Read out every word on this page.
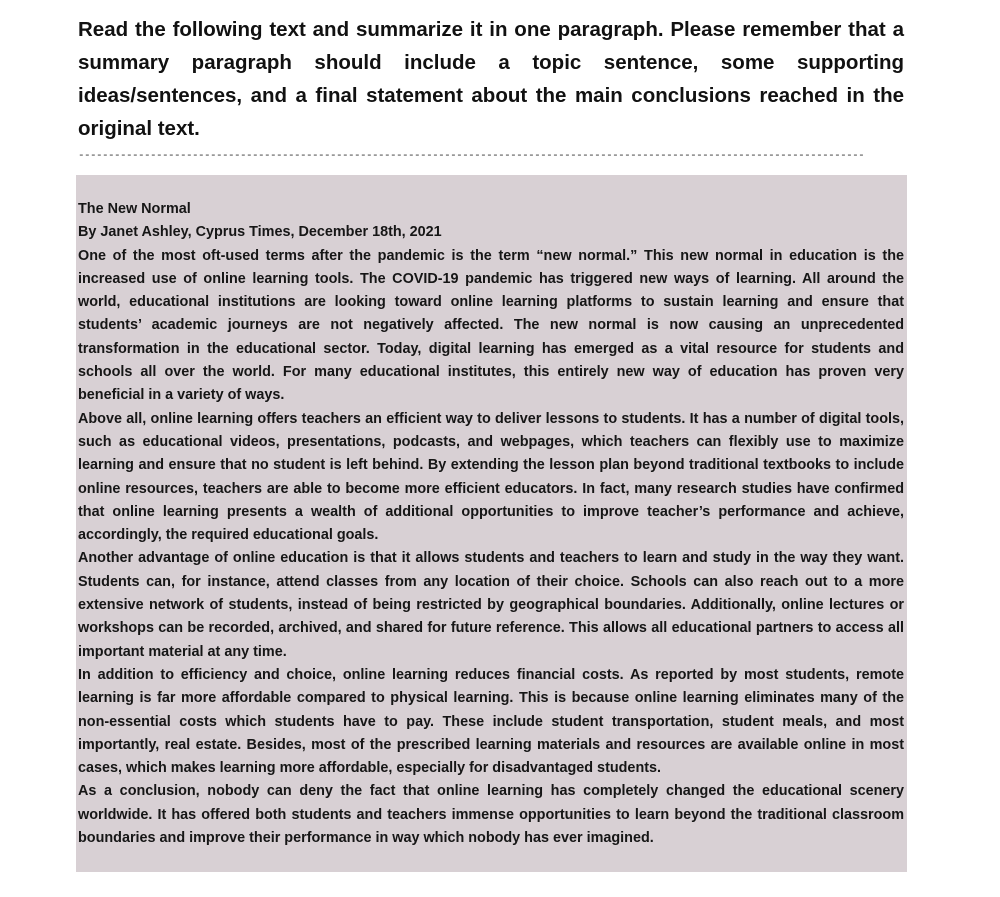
Read the following text and summarize it in one paragraph. Please remember that a summary paragraph should include a topic sentence, some supporting ideas/sentences, and a final statement about the main conclusions reached in the original text.

-----------------------------------------------------------------------------------------------------------------------------------

The New Normal

By Janet Ashley, Cyprus Times, December 18th, 2021

One of the most oft-used terms after the pandemic is the term “new normal.” This new normal in education is the increased use of online learning tools. The COVID-19 pandemic has triggered new ways of learning. All around the world, educational institutions are looking toward online learning platforms to sustain learning and ensure that students’ academic journeys are not negatively affected. The new normal is now causing an unprecedented transformation in the educational sector. Today, digital learning has emerged as a vital resource for students and schools all over the world. For many educational institutes, this entirely new way of education has proven very beneficial in a variety of ways.

Above all, online learning offers teachers an efficient way to deliver lessons to students. It has a number of digital tools, such as educational videos, presentations, podcasts, and webpages, which teachers can flexibly use to maximize learning and ensure that no student is left behind. By extending the lesson plan beyond traditional textbooks to include online resources, teachers are able to become more efficient educators. In fact, many research studies have confirmed that online learning presents a wealth of additional opportunities to improve teacher’s performance and achieve, accordingly, the required educational goals.

Another advantage of online education is that it allows students and teachers to learn and study in the way they want. Students can, for instance, attend classes from any location of their choice. Schools can also reach out to a more extensive network of students, instead of being restricted by geographical boundaries. Additionally, online lectures or workshops can be recorded, archived, and shared for future reference. This allows all educational partners to access all important material at any time.

In addition to efficiency and choice, online learning reduces financial costs. As reported by most students, remote learning is far more affordable compared to physical learning. This is because online learning eliminates many of the non-essential costs which students have to pay. These include student transportation, student meals, and most importantly, real estate. Besides, most of the prescribed learning materials and resources are available online in most cases, which makes learning more affordable, especially for disadvantaged students.

As a conclusion, nobody can deny the fact that online learning has completely changed the educational scenery worldwide. It has offered both students and teachers immense opportunities to learn beyond the traditional classroom boundaries and improve their performance in way which nobody has ever imagined.
